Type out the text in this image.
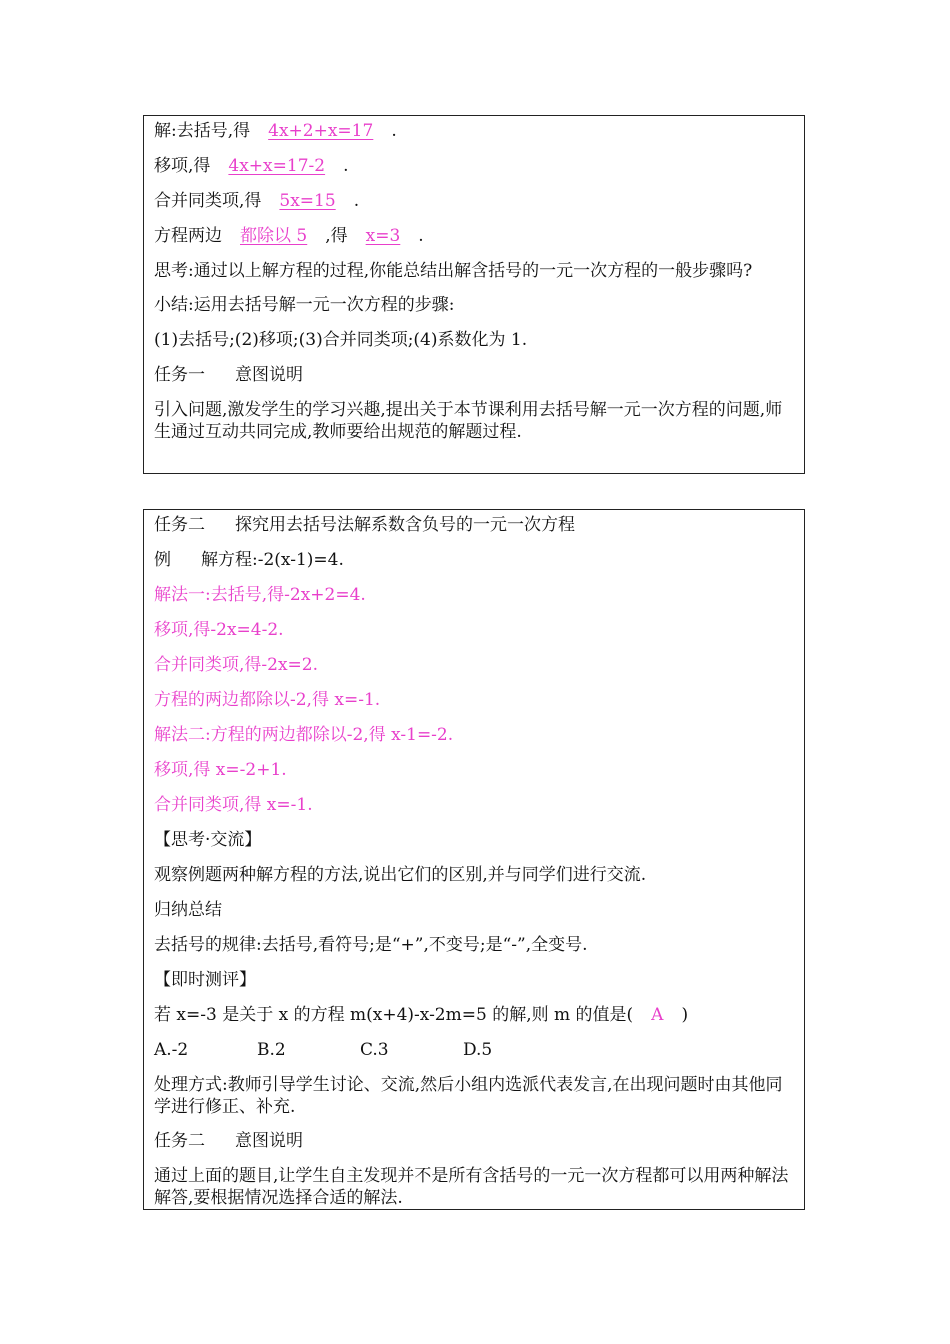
解:去括号,得 4x+2+x=17 .

移项,得 4x+x=17-2 .

合并同类项,得 5x=15 .

方程两边 都除以 5 ,得 x=3 .

思考:通过以上解方程的过程,你能总结出解含括号的一元一次方程的一般步骤吗?

小结:运用去括号解一元一次方程的步骤:

(1)去括号;(2)移项;(3)合并同类项;(4)系数化为 1.

任务一 意图说明

引入问题,激发学生的学习兴趣,提出关于本节课利用去括号解一元一次方程的问题,师生通过互动共同完成,教师要给出规范的解题过程.

任务二 探究用去括号法解系数含负号的一元一次方程

例 解方程:-2(x-1)=4.

解法一:去括号,得-2x+2=4.

移项,得-2x=4-2.

合并同类项,得-2x=2.

方程的两边都除以-2,得 x=-1.

解法二:方程的两边都除以-2,得 x-1=-2.

移项,得 x=-2+1.

合并同类项,得 x=-1.

【思考·交流】

观察例题两种解方程的方法,说出它们的区别,并与同学们进行交流.

归纳总结

去括号的规律:去括号,看符号;是“+”,不变号;是“-”,全变号.

【即时测评】

若 x=-3 是关于 x 的方程 m(x+4)-x-2m=5 的解,则 m 的值是( A )

A.-2	B.2	C.3	D.5

处理方式:教师引导学生讨论、交流,然后小组内选派代表发言,在出现问题时由其他同学进行修正、补充.

任务二 意图说明

通过上面的题目,让学生自主发现并不是所有含括号的一元一次方程都可以用两种解法解答,要根据情况选择合适的解法.
